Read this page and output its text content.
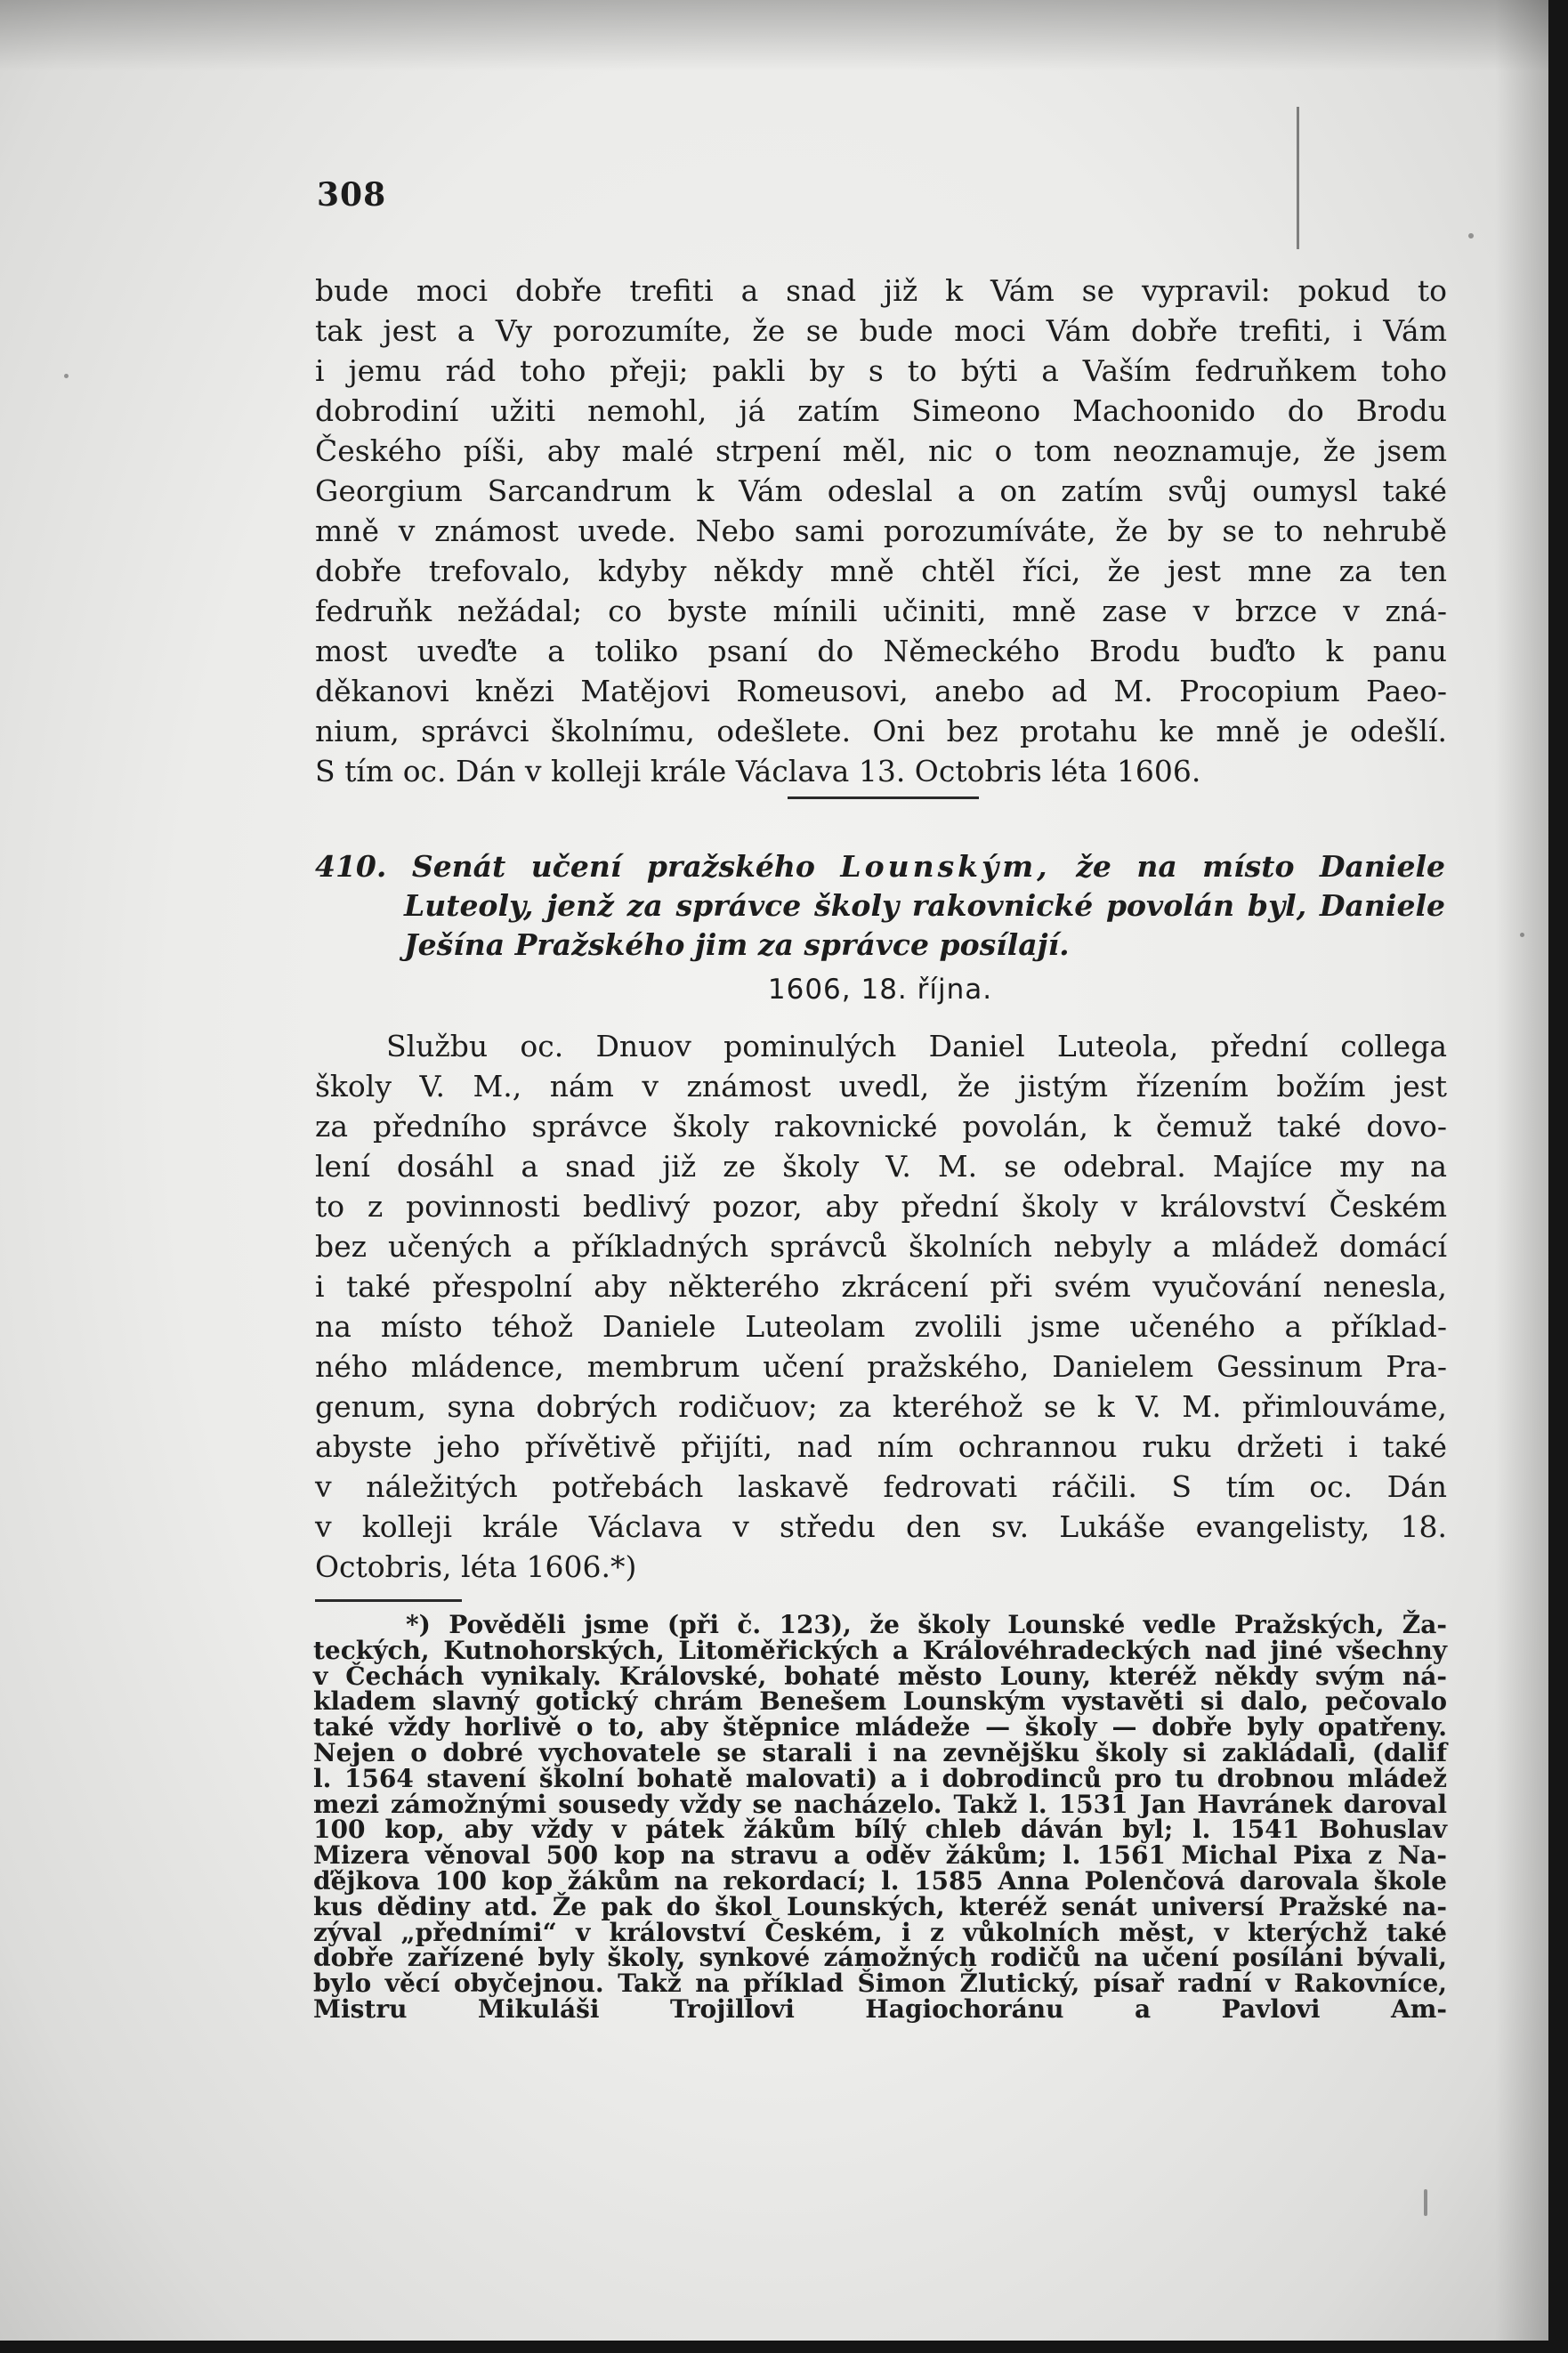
308
bude moci dobře trefiti a snad již k Vám se vypravil: pokud to
tak jest a Vy porozumíte, že se bude moci Vám dobře trefiti, i Vám
i jemu rád toho přeji; pakli by s to býti a Vaším fedruňkem toho
dobrodiní užiti nemohl, já zatím Simeono Machoonido do Brodu
Českého píši, aby malé strpení měl, nic o tom neoznamuje, že jsem
Georgium Sarcandrum k Vám odeslal a on zatím svůj oumysl také
mně v známost uvede. Nebo sami porozumíváte, že by se to nehrubě
dobře trefovalo, kdyby někdy mně chtěl říci, že jest mne za ten
fedruňk nežádal; co byste mínili učiniti, mně zase v brzce v zná-
most uveďte a toliko psaní do Německého Brodu buďto k panu
děkanovi knězi Matějovi Romeusovi, anebo ad M. Procopium Paeo-
nium, správci školnímu, odešlete. Oni bez protahu ke mně je odešlí.
S tím oc. Dán v kolleji krále Václava 13. Octobris léta 1606.
410. Senát učení pražského Lounským, že na místo Daniele
Luteoly, jenž za správce školy rakovnické povolán byl, Daniele
Ješína Pražského jim za správce posílají.
1606, 18. října.
Službu oc. Dnuov pominulých Daniel Luteola, přední collega
školy V. M., nám v známost uvedl, že jistým řízením božím jest
za předního správce školy rakovnické povolán, k čemuž také dovo-
lení dosáhl a snad již ze školy V. M. se odebral. Majíce my na
to z povinnosti bedlivý pozor, aby přední školy v království Českém
bez učených a příkladných správců školních nebyly a mládež domácí
i také přespolní aby některého zkrácení při svém vyučování nenesla,
na místo téhož Daniele Luteolam zvolili jsme učeného a příklad-
ného mládence, membrum učení pražského, Danielem Gessinum Pra-
genum, syna dobrých rodičuov; za kteréhož se k V. M. přimlouváme,
abyste jeho přívětivě přijíti, nad ním ochrannou ruku držeti i také
v náležitých potřebách laskavě fedrovati ráčili. S tím oc. Dán
v kolleji krále Václava v středu den sv. Lukáše evangelisty, 18.
Octobris, léta 1606.*)
*) Pověděli jsme (při č. 123), že školy Lounské vedle Pražských, Ža-
teckých, Kutnohorských, Litoměřických a Královéhradeckých nad jiné všechny
v Čechách vynikaly. Královské, bohaté město Louny, kteréž někdy svým ná-
kladem slavný gotický chrám Benešem Lounským vystavěti si dalo, pečovalo
také vždy horlivě o to, aby štěpnice mládeže — školy — dobře byly opatřeny.
Nejen o dobré vychovatele se starali i na zevnějšku školy si zakládali, (dalif
l. 1564 stavení školní bohatě malovati) a i dobrodinců pro tu drobnou mládež
mezi zámožnými sousedy vždy se nacházelo. Takž l. 1531 Jan Havránek daroval
100 kop, aby vždy v pátek žákům bílý chleb dáván byl; l. 1541 Bohuslav
Mizera věnoval 500 kop na stravu a oděv žákům; l. 1561 Michal Pixa z Na-
ďějkova 100 kop žákům na rekordací; l. 1585 Anna Polenčová darovala škole
kus dědiny atd. Že pak do škol Lounských, kteréž senát universí Pražské na-
zýval „předními“ v království Českém, i z vůkolních měst, v kterýchž také
dobře zařízené byly školy, synkové zámožných rodičů na učení posíláni bývali,
bylo věcí obyčejnou. Takž na příklad Šimon Žlutický, písař radní v Rakovníce,
Mistru Mikuláši Trojillovi Hagiochoránu a Pavlovi Am-
